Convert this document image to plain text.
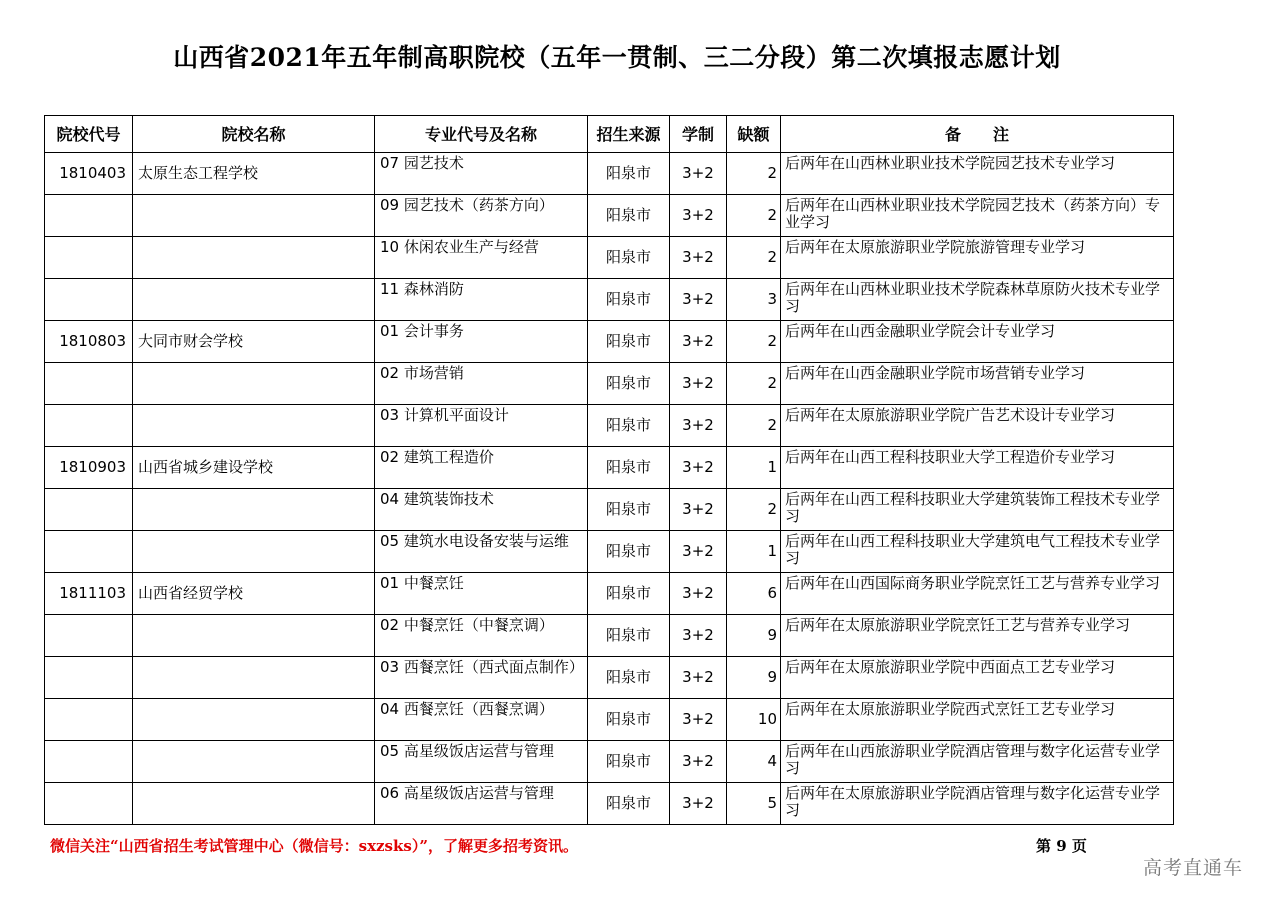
山西省2021年五年制高职院校（五年一贯制、三二分段）第二次填报志愿计划
院校代号	院校名称	专业代号及名称	招生来源	学制	缺额	备　　注
1810403	太原生态工程学校	07 园艺技术	阳泉市	3+2	2	后两年在山西林业职业技术学院园艺技术专业学习
		09 园艺技术（药茶方向）	阳泉市	3+2	2	后两年在山西林业职业技术学院园艺技术（药茶方向）专业学习
		10 休闲农业生产与经营	阳泉市	3+2	2	后两年在太原旅游职业学院旅游管理专业学习
		11 森林消防	阳泉市	3+2	3	后两年在山西林业职业技术学院森林草原防火技术专业学习
1810803	大同市财会学校	01 会计事务	阳泉市	3+2	2	后两年在山西金融职业学院会计专业学习
		02 市场营销	阳泉市	3+2	2	后两年在山西金融职业学院市场营销专业学习
		03 计算机平面设计	阳泉市	3+2	2	后两年在太原旅游职业学院广告艺术设计专业学习
1810903	山西省城乡建设学校	02 建筑工程造价	阳泉市	3+2	1	后两年在山西工程科技职业大学工程造价专业学习
		04 建筑装饰技术	阳泉市	3+2	2	后两年在山西工程科技职业大学建筑装饰工程技术专业学习
		05 建筑水电设备安装与运维	阳泉市	3+2	1	后两年在山西工程科技职业大学建筑电气工程技术专业学习
1811103	山西省经贸学校	01 中餐烹饪	阳泉市	3+2	6	后两年在山西国际商务职业学院烹饪工艺与营养专业学习
		02 中餐烹饪（中餐烹调）	阳泉市	3+2	9	后两年在太原旅游职业学院烹饪工艺与营养专业学习
		03 西餐烹饪（西式面点制作）	阳泉市	3+2	9	后两年在太原旅游职业学院中西面点工艺专业学习
		04 西餐烹饪（西餐烹调）	阳泉市	3+2	10	后两年在太原旅游职业学院西式烹饪工艺专业学习
		05 高星级饭店运营与管理	阳泉市	3+2	4	后两年在山西旅游职业学院酒店管理与数字化运营专业学习
		06 高星级饭店运营与管理	阳泉市	3+2	5	后两年在太原旅游职业学院酒店管理与数字化运营专业学习
微信关注“山西省招生考试管理中心（微信号：sxzsks）”，了解更多招考资讯。	第 9 页
高考直通车
